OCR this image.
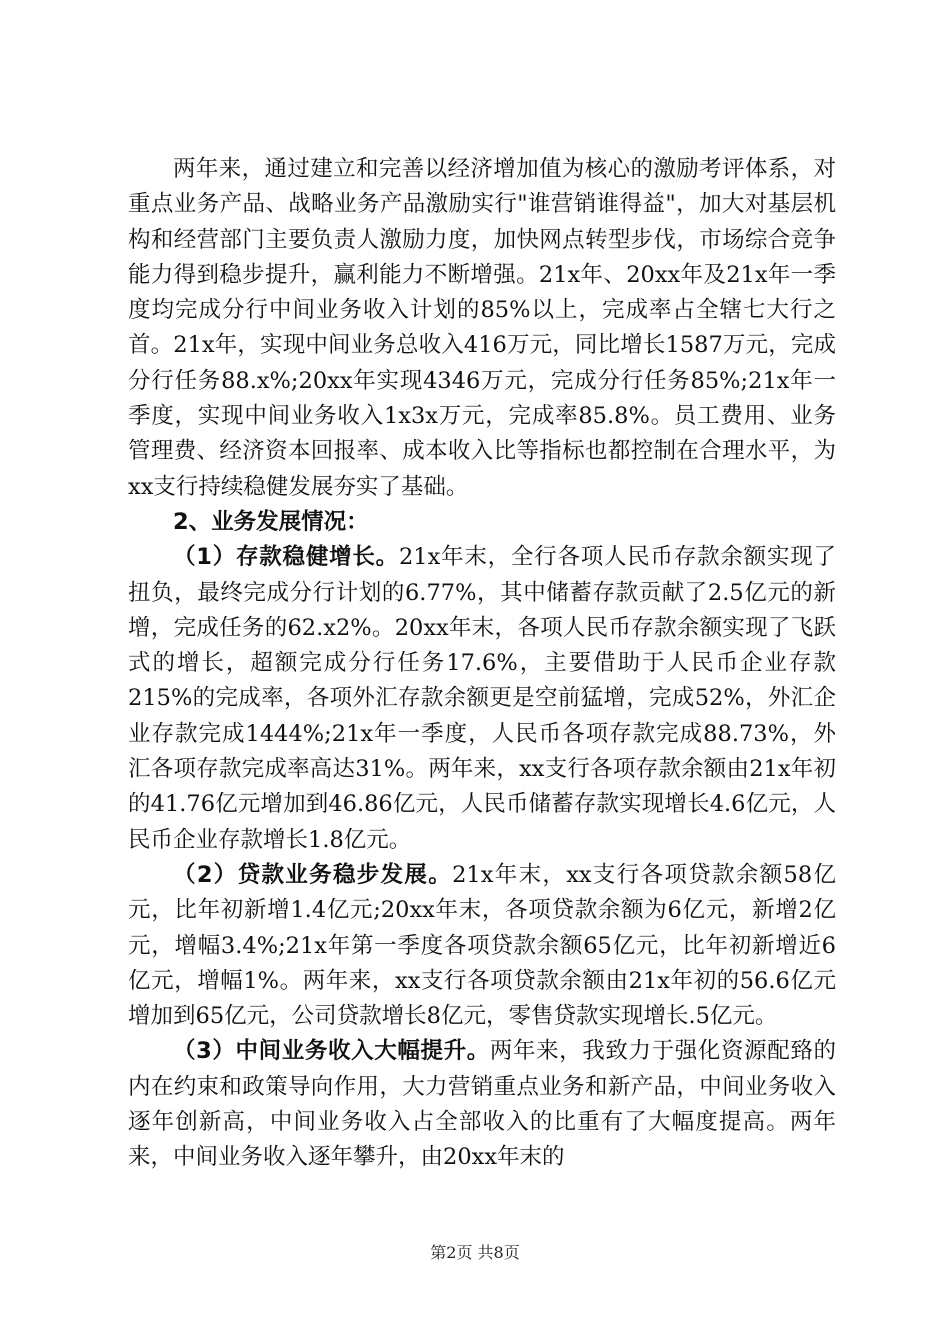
两年来，通过建立和完善以经济增加值为核心的激励考评体系，对重点业务产品、战略业务产品激励实行"谁营销谁得益"，加大对基层机构和经营部门主要负责人激励力度，加快网点转型步伐，市场综合竞争能力得到稳步提升，赢利能力不断增强。21x年、20xx年及21x年一季度均完成分行中间业务收入计划的85%以上，完成率占全辖七大行之首。21x年，实现中间业务总收入416万元，同比增长1587万元，完成分行任务88.x%;20xx年实现4346万元，完成分行任务85%;21x年一季度，实现中间业务收入1x3x万元，完成率85.8%。员工费用、业务管理费、经济资本回报率、成本收入比等指标也都控制在合理水平，为xx支行持续稳健发展夯实了基础。

2、业务发展情况：

（1）存款稳健增长。21x年末，全行各项人民币存款余额实现了扭负，最终完成分行计划的6.77%，其中储蓄存款贡献了2.5亿元的新增，完成任务的62.x2%。20xx年末，各项人民币存款余额实现了飞跃式的增长，超额完成分行任务17.6%，主要借助于人民币企业存款215%的完成率，各项外汇存款余额更是空前猛增，完成52%，外汇企业存款完成1444%;21x年一季度，人民币各项存款完成88.73%，外汇各项存款完成率高达31%。两年来，xx支行各项存款余额由21x年初的41.76亿元增加到46.86亿元，人民币储蓄存款实现增长4.6亿元，人民币企业存款增长1.8亿元。

（2）贷款业务稳步发展。21x年末，xx支行各项贷款余额58亿元，比年初新增1.4亿元;20xx年末，各项贷款余额为6亿元，新增2亿元，增幅3.4%;21x年第一季度各项贷款余额65亿元，比年初新增近6亿元，增幅1%。两年来，xx支行各项贷款余额由21x年初的56.6亿元增加到65亿元，公司贷款增长8亿元，零售贷款实现增长.5亿元。

（3）中间业务收入大幅提升。两年来，我致力于强化资源配臵的内在约束和政策导向作用，大力营销重点业务和新产品，中间业务收入逐年创新高，中间业务收入占全部收入的比重有了大幅度提高。两年来，中间业务收入逐年攀升，由20xx年末的

第2页 共8页
